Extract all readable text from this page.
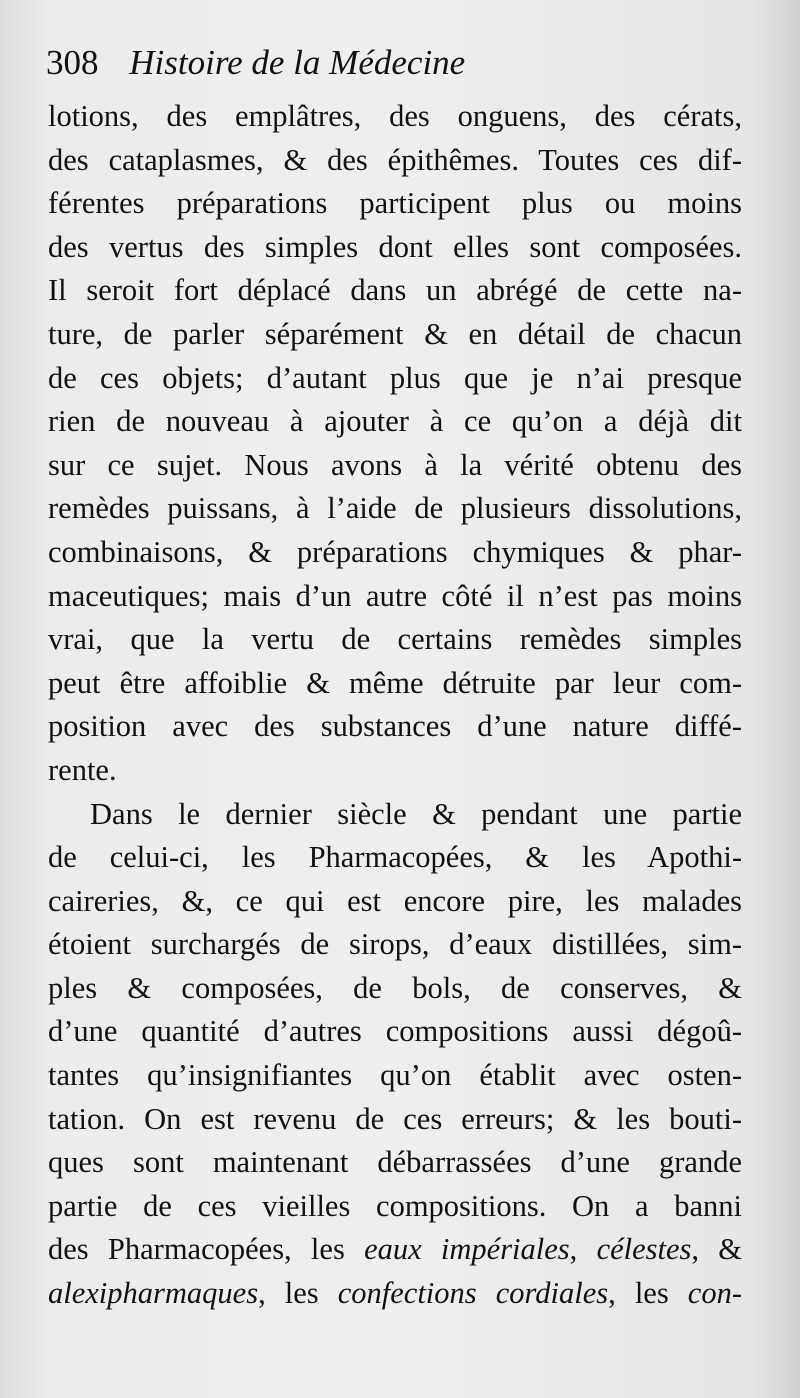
308 Histoire de la Médecine
lotions, des emplâtres, des onguens, des cérats,
des cataplasmes, & des épithêmes. Toutes ces dif-
férentes préparations participent plus ou moins
des vertus des simples dont elles sont composées.
Il seroit fort déplacé dans un abrégé de cette na-
ture, de parler séparément & en détail de chacun
de ces objets; d’autant plus que je n’ai presque
rien de nouveau à ajouter à ce qu’on a déjà dit
sur ce sujet. Nous avons à la vérité obtenu des
remèdes puissans, à l’aide de plusieurs dissolutions,
combinaisons, & préparations chymiques & phar-
maceutiques; mais d’un autre côté il n’est pas moins
vrai, que la vertu de certains remèdes simples
peut être affoiblie & même détruite par leur com-
position avec des substances d’une nature diffé-
rente.
Dans le dernier siècle & pendant une partie
de celui-ci, les Pharmacopées, & les Apothi-
caireries, &, ce qui est encore pire, les malades
étoient surchargés de sirops, d’eaux distillées, sim-
ples & composées, de bols, de conserves, &
d’une quantité d’autres compositions aussi dégoû-
tantes qu’insignifiantes qu’on établit avec osten-
tation. On est revenu de ces erreurs; & les bouti-
ques sont maintenant débarrassées d’une grande
partie de ces vieilles compositions. On a banni
des Pharmacopées, les eaux impériales, célestes, &
alexipharmaques, les confections cordiales, les con-
